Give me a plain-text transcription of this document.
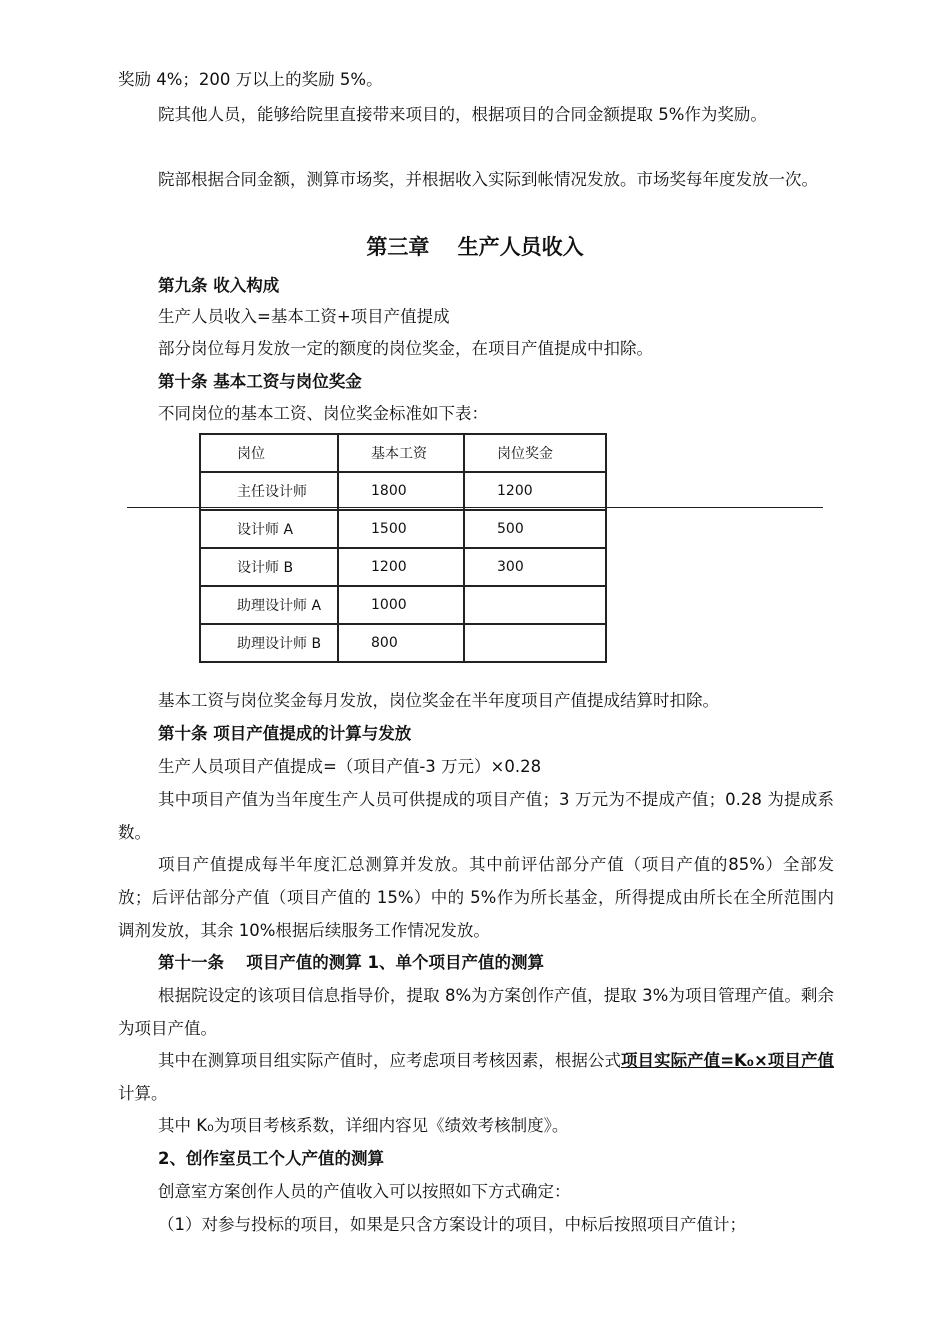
奖励 4%；200 万以上的奖励 5%。

院其他人员，能够给院里直接带来项目的，根据项目的合同金额提取 5%作为奖励。

院部根据合同金额，测算市场奖，并根据收入实际到帐情况发放。市场奖每年度发放一次。

第三章　 生产人员收入

第九条 收入构成

生产人员收入=基本工资+项目产值提成

部分岗位每月发放一定的额度的岗位奖金，在项目产值提成中扣除。

第十条 基本工资与岗位奖金

不同岗位的基本工资、岗位奖金标准如下表：

岗位	基本工资	岗位奖金
主任设计师	1800	1200
设计师 A	1500	500
设计师 B	1200	300
助理设计师 A	1000	
助理设计师 B	800	

基本工资与岗位奖金每月发放，岗位奖金在半年度项目产值提成结算时扣除。

第十条 项目产值提成的计算与发放

生产人员项目产值提成=（项目产值-3 万元）×0.28

其中项目产值为当年度生产人员可供提成的项目产值；3 万元为不提成产值；0.28 为提成系数。

项目产值提成每半年度汇总测算并发放。其中前评估部分产值（项目产值的85%）全部发放；后评估部分产值（项目产值的 15%）中的 5%作为所长基金，所得提成由所长在全所范围内调剂发放，其余 10%根据后续服务工作情况发放。

第十一条　 项目产值的测算 1、单个项目产值的测算

根据院设定的该项目信息指导价，提取 8%为方案创作产值，提取 3%为项目管理产值。剩余为项目产值。

其中在测算项目组实际产值时，应考虑项目考核因素，根据公式项目实际产值=K₀×项目产值计算。

其中 K₀为项目考核系数，详细内容见《绩效考核制度》。

2、创作室员工个人产值的测算

创意室方案创作人员的产值收入可以按照如下方式确定：

（1）对参与投标的项目，如果是只含方案设计的项目，中标后按照项目产值计；
